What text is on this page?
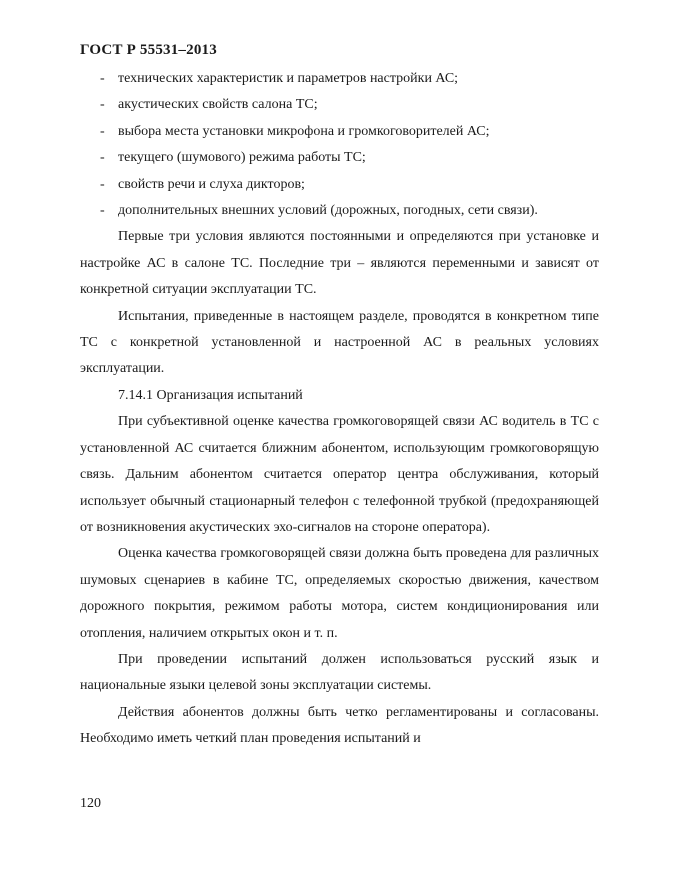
ГОСТ Р 55531–2013
- технических характеристик и параметров настройки АС;
- акустических свойств салона ТС;
- выбора места установки микрофона и громкоговорителей АС;
- текущего (шумового) режима работы ТС;
- свойств речи и слуха дикторов;
- дополнительных внешних условий (дорожных, погодных, сети связи).

Первые три условия являются постоянными и определяются при установке и настройке АС в салоне ТС. Последние три – являются переменными и зависят от конкретной ситуации эксплуатации ТС.

Испытания, приведенные в настоящем разделе, проводятся в конкретном типе ТС с конкретной установленной и настроенной АС в реальных условиях эксплуатации.

7.14.1 Организация испытаний

При субъективной оценке качества громкоговорящей связи АС водитель в ТС с установленной АС считается ближним абонентом, использующим громкоговорящую связь. Дальним абонентом считается оператор центра обслуживания, который использует обычный стационарный телефон с телефонной трубкой (предохраняющей от возникновения акустических эхо-сигналов на стороне оператора).

Оценка качества громкоговорящей связи должна быть проведена для различных шумовых сценариев в кабине ТС, определяемых скоростью движения, качеством дорожного покрытия, режимом работы мотора, систем кондиционирования или отопления, наличием открытых окон и т. п.

При проведении испытаний должен использоваться русский язык и национальные языки целевой зоны эксплуатации системы.

Действия абонентов должны быть четко регламентированы и согласованы. Необходимо иметь четкий план проведения испытаний и

120
